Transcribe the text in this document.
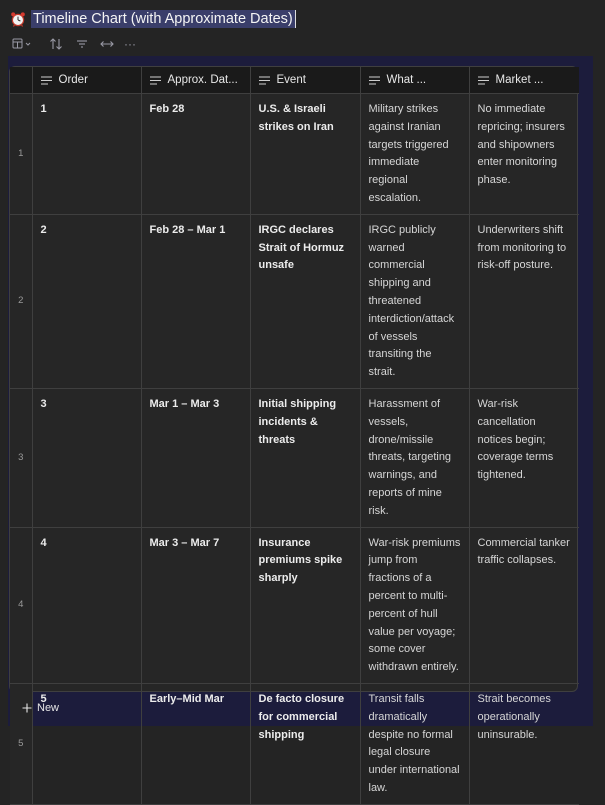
Timeline Chart (with Approximate Dates)
···

	Order	Approx. Dat...	Event	What ...	Market ...

1	1	Feb 28	U.S. & Israeli strikes on Iran	Military strikes against Iranian targets triggered immediate regional escalation.	No immediate repricing; insurers and shipowners enter monitoring phase.
2	2	Feb 28 – Mar 1	IRGC declares Strait of Hormuz unsafe	IRGC publicly warned commercial shipping and threatened interdiction/attack of vessels transiting the strait.	Underwriters shift from monitoring to risk-off posture.
3	3	Mar 1 – Mar 3	Initial shipping incidents & threats	Harassment of vessels, drone/missile threats, targeting warnings, and reports of mine risk.	War-risk cancellation notices begin; coverage terms tightened.
4	4	Mar 3 – Mar 7	Insurance premiums spike sharply	War-risk premiums jump from fractions of a percent to multi-percent of hull value per voyage; some cover withdrawn entirely.	Commercial tanker traffic collapses.
5	5	Early–Mid Mar	De facto closure for commercial shipping	Transit falls dramatically despite no formal legal closure under international law.	Strait becomes operationally uninsurable.
New
